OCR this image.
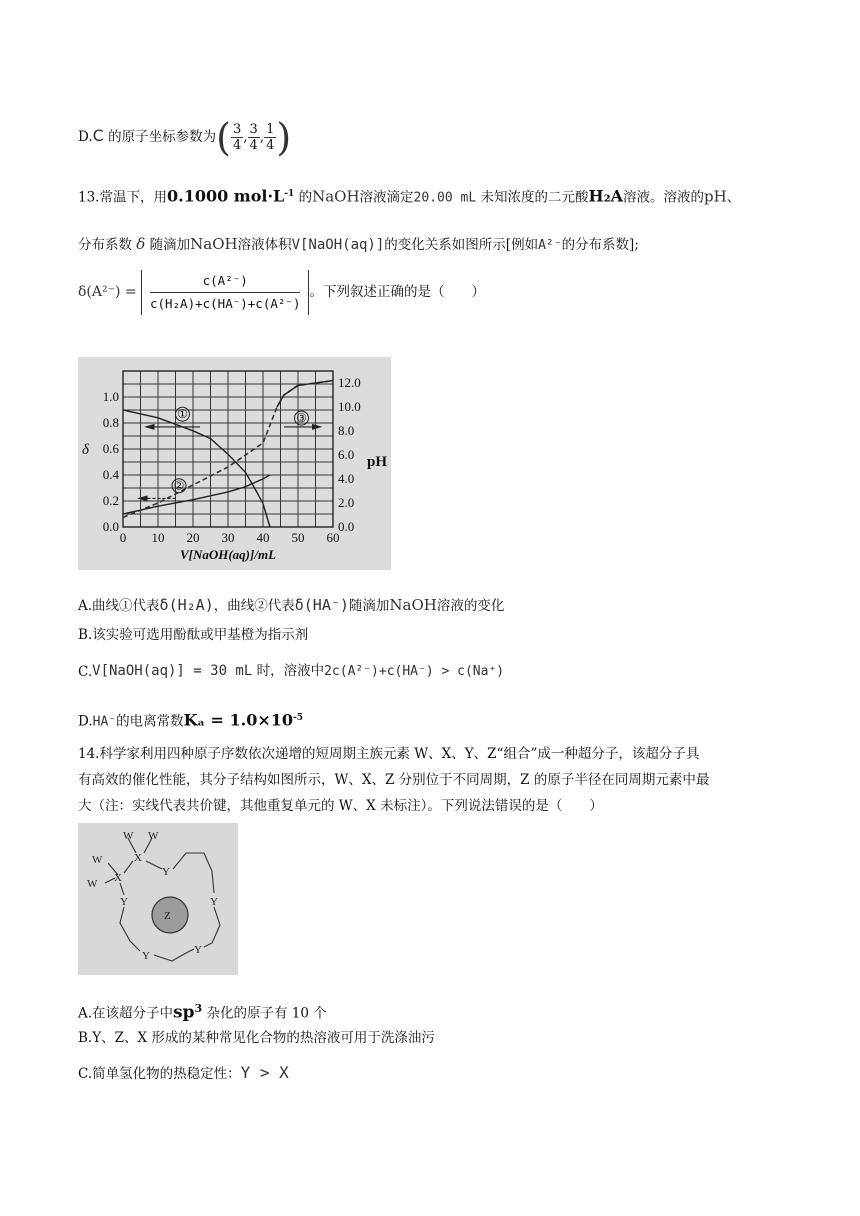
D.C 的原子坐标参数为( $\frac{3}{4}$ , $\frac{3}{4}$ , $\frac{1}{4}$ )
13.常温下，用0.1000 $mol\cdot L^{-1}$ 的NaOH溶液滴定20.00 mL 未知浓度的二元酸H₂A溶液。溶液的pH、
分布系数 δ 随滴加NaOH溶液体积V[NaOH(aq)]的变化关系如图所示[例如A²⁻的分布系数];
$\delta(A^{2-}) = \frac{\text{c(A²⁻)}}{\text{c(H₂A)+c(HA⁻)+c(A²⁻)}}$ 。下列叙述正确的是（　　）
0 10 20 30 40 50 60
0.0
0.2
0.4
0.6
0.8
1.0
0.0
2.0
4.0
6.0
8.0
10.0
12.0
V[NaOH(aq)]/mL
δ
pH
①
②
③
A.曲线①代表δ(H₂A)，曲线②代表δ(HA⁻)随滴加NaOH溶液的变化
B.该实验可选用酚酞或甲基橙为指示剂
C.V[NaOH(aq)] = 30 mL 时，溶液中2c(A²⁻)+c(HA⁻) > c(Na⁺)
D.HA⁻的电离常数$K_a = 1.0\times 10^{-5}$
14.科学家利用四种原子序数依次递增的短周期主族元素 W、X、Y、Z“组合”成一种超分子，该超分子具
有高效的催化性能，其分子结构如图所示，W、X、Z 分别位于不同周期，Z 的原子半径在同周期元素中最
大（注：实线代表共价键，其他重复单元的 W、X 未标注）。下列说法错误的是（　　）
Z
W W
W
W
X
X	Y
Y	Y
Y	Y
A.在该超分子中$sp^3$ 杂化的原子有 10 个
B.Y、Z、X 形成的某种常见化合物的热溶液可用于洗涤油污
C.简单氢化物的热稳定性：Y > X
